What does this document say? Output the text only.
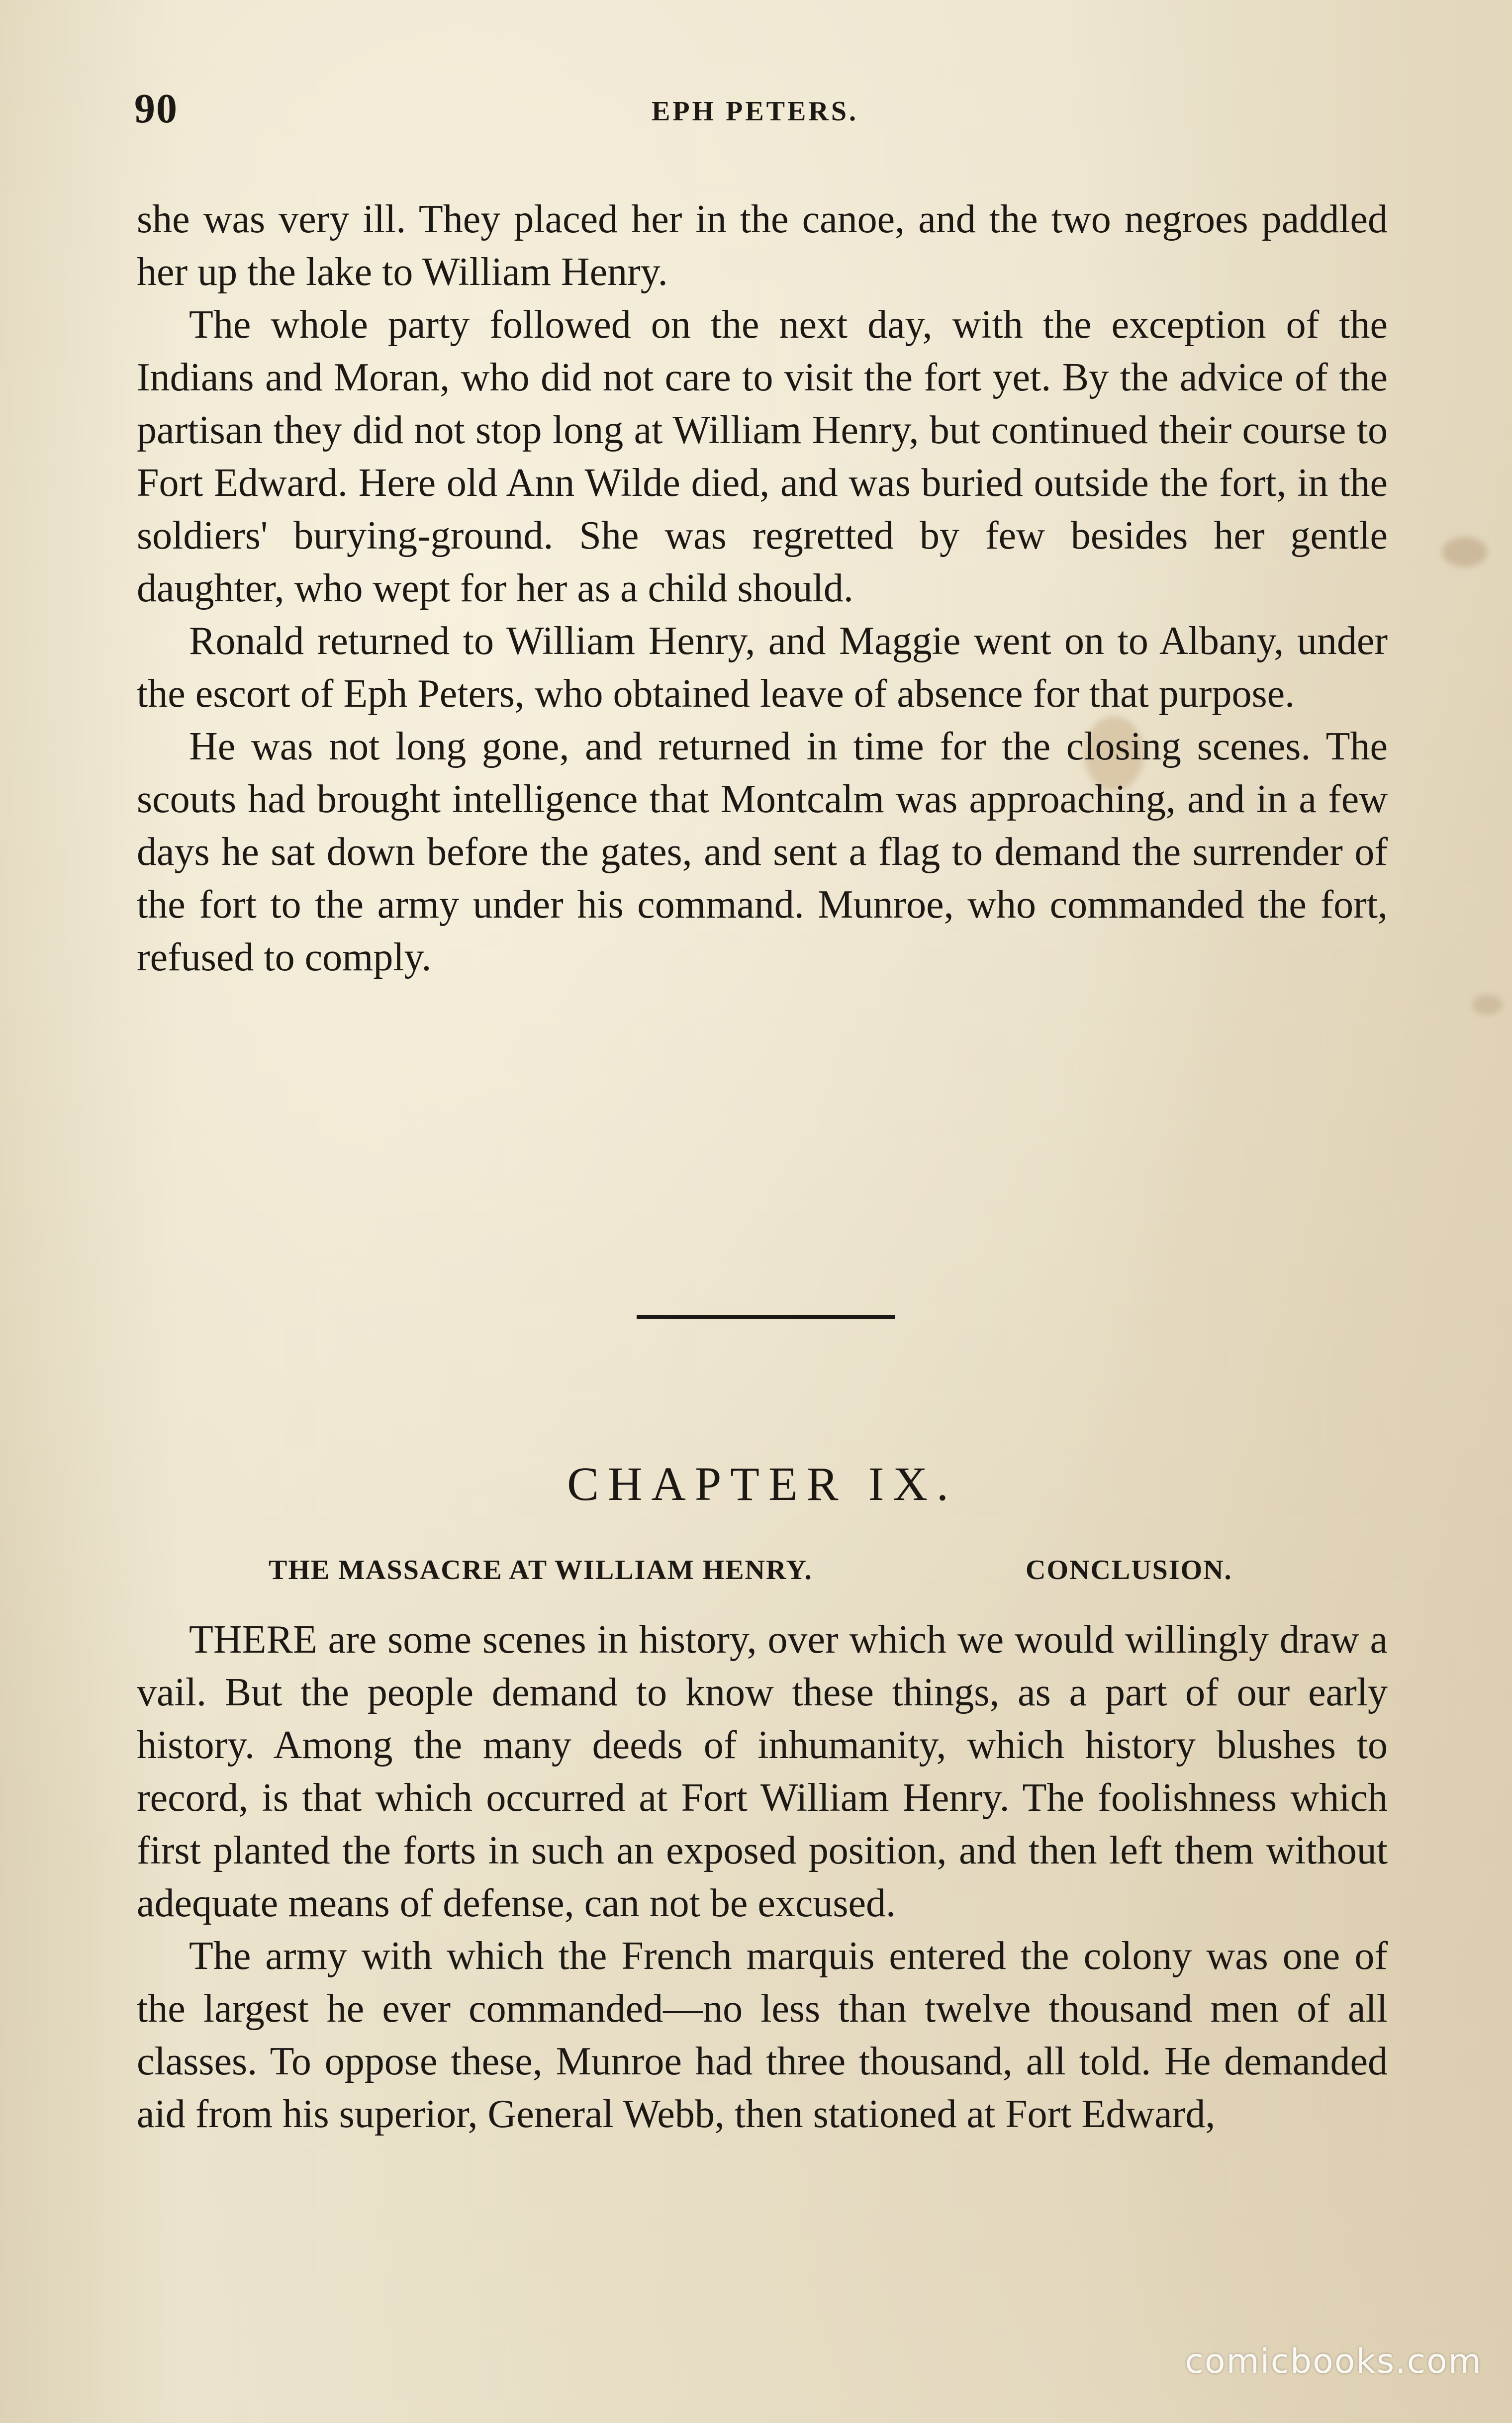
90	EPH PETERS.

she was very ill. They placed her in the canoe, and the two negroes paddled her up the lake to William Henry.

The whole party followed on the next day, with the exception of the Indians and Moran, who did not care to visit the fort yet. By the advice of the partisan they did not stop long at William Henry, but continued their course to Fort Edward. Here old Ann Wilde died, and was buried outside the fort, in the soldiers' burying-ground. She was regretted by few besides her gentle daughter, who wept for her as a child should.

Ronald returned to William Henry, and Maggie went on to Albany, under the escort of Eph Peters, who obtained leave of absence for that purpose.

He was not long gone, and returned in time for the closing scenes. The scouts had brought intelligence that Montcalm was approaching, and in a few days he sat down before the gates, and sent a flag to demand the surrender of the fort to the army under his command. Munroe, who commanded the fort, refused to comply.

CHAPTER IX.
THE MASSACRE AT WILLIAM HENRY.	CONCLUSION.

THERE are some scenes in history, over which we would willingly draw a vail. But the people demand to know these things, as a part of our early history. Among the many deeds of inhumanity, which history blushes to record, is that which occurred at Fort William Henry. The foolishness which first planted the forts in such an exposed position, and then left them without adequate means of defense, can not be excused.

The army with which the French marquis entered the colony was one of the largest he ever commanded—no less than twelve thousand men of all classes. To oppose these, Munroe had three thousand, all told. He demanded aid from his superior, General Webb, then stationed at Fort Edward,

comicbooks.com
